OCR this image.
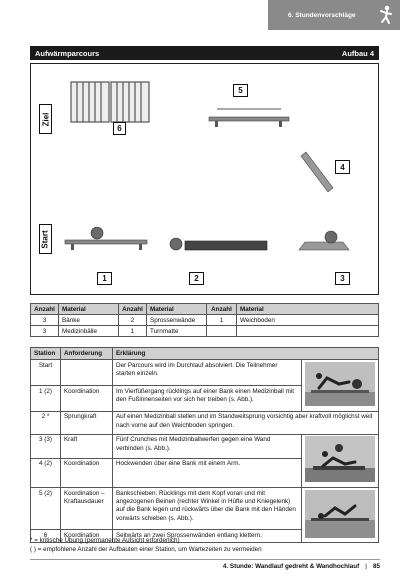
6. Stundenvorschläge
Aufwärmparcours	Aufbau 4
Ziel
Start
6
5
4
1	2	3
Anzahl	Material	Anzahl	Material	Anzahl	Material
3	Bänke	2	Sprossenwände	1	Weichboden
3	Medizinbälle	1	Turnmatte		
Station	Anforderung	Erklärung	
Start		Der Parcours wird im Durchlauf absolviert. Die Teilnehmer starten einzeln.	
1 (2)	Koordination	Im Vierfüßergang rücklings auf einer Bank einen Medizinball mit den Fußinnenseiten vor sich her treiben (s. Abb.).	
2 *	Sprungkraft	Auf einen Medizinball stellen und im Standweitsprung vorsichtig aber kraftvoll möglichst weit nach vorne auf den Weichboden springen.	
3 (3)	Kraft	Fünf Crunches mit Medizinballwerfen gegen eine Wand verbinden (s. Abb.).	
4 (2)	Koordination	Hockwenden über eine Bank mit einem Arm.	
5 (2)	Koordination – Kraftausdauer	Bankschieben: Rücklings mit dem Kopf voran und mit angezogenen Beinen (rechter Winkel in Hüfte und Kniegelenk) auf die Bank legen und rückwärts über die Bank mit den Händen vorwärts schieben (s. Abb.).	
6	Koordination	Seitwärts an zwei Sprossenwänden entlang klettern.	
* = kritische Übung (permanente Aufsicht erforderlich)
( ) = empfohlene Anzahl der Aufbauten einer Station, um Wartezeiten zu vermeiden
4. Stunde: Wandlauf gedreht & Wandhochlauf | 85
